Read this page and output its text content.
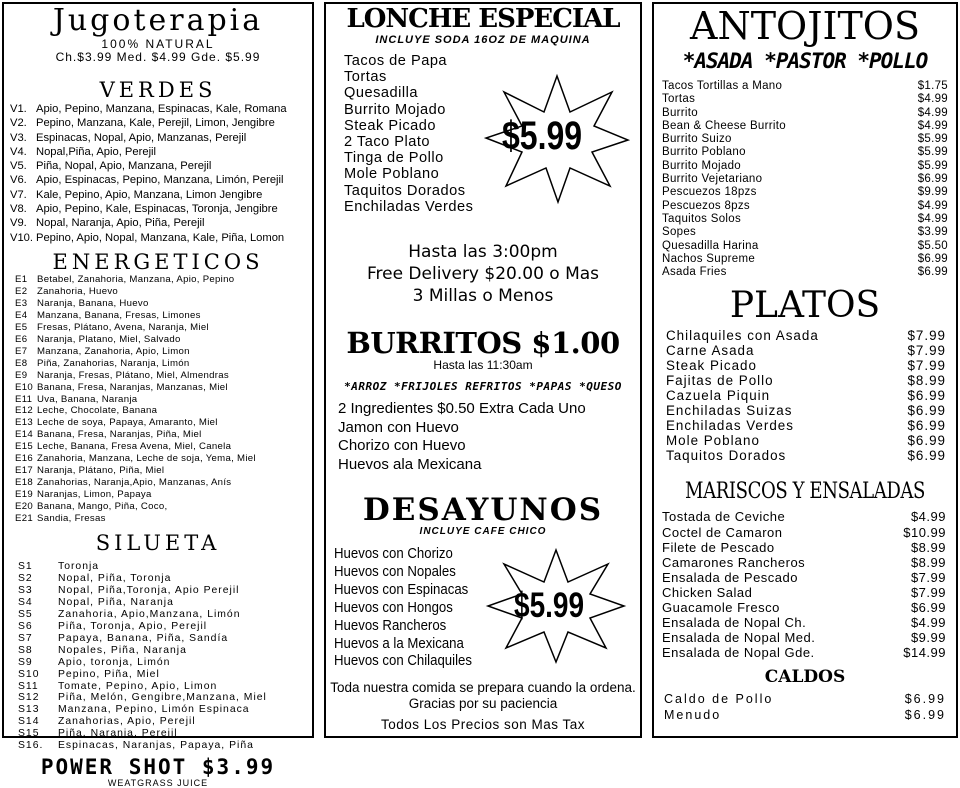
Jugoterapia
100% NATURAL
Ch.$3.99 Med. $4.99 Gde. $5.99
VERDES
V1. Apio, Pepino, Manzana, Espinacas, Kale, Romana
V2. Pepino, Manzana, Kale, Perejil, Limon, Jengibre
V3. Espinacas, Nopal, Apio, Manzanas, Perejil
V4. Nopal,Piña, Apio, Perejil
V5. Piña, Nopal, Apio, Manzana, Perejil
V6. Apio, Espinacas, Pepino, Manzana, Limón, Perejil
V7. Kale, Pepino, Apio, Manzana, Limon Jengibre
V8. Apio, Pepino, Kale, Espinacas, Toronja, Jengibre
V9. Nopal, Naranja, Apio, Piña, Perejil
V10. Pepino, Apio, Nopal, Manzana, Kale, Piña, Lomon
ENERGETICOS
E1 Betabel, Zanahoria, Manzana, Apio, Pepino
E2 Zanahoria, Huevo
E3 Naranja, Banana, Huevo
E4 Manzana, Banana, Fresas, Limones
E5 Fresas, Plátano, Avena, Naranja, Miel
E6 Naranja, Platano, Miel, Salvado
E7 Manzana, Zanahoria, Apio, Limon
E8 Piña, Zanahorias, Naranja, Limón
E9 Naranja, Fresas, Plátano, Miel, Almendras
E10 Banana, Fresa, Naranjas, Manzanas, Miel
E11 Uva, Banana, Naranja
E12 Leche, Chocolate, Banana
E13 Leche de soya, Papaya, Amaranto, Miel
E14 Banana, Fresa, Naranjas, Piña, Miel
E15 Leche, Banana, Fresa Avena, Miel, Canela
E16 Zanahoria, Manzana, Leche de soja, Yema, Miel
E17 Naranja, Plátano, Piña, Miel
E18 Zanahorias, Naranja,Apio, Manzanas, Anís
E19 Naranjas, Limon, Papaya
E20 Banana, Mango, Piña, Coco,
E21 Sandia, Fresas
SILUETA
S1 Toronja
S2 Nopal, Piña, Toronja
S3 Nopal, Piña,Toronja, Apio Perejil
S4 Nopal, Piña, Naranja
S5 Zanahoria, Apio,Manzana, Limón
S6 Piña, Toronja, Apio, Perejil
S7 Papaya, Banana, Piña, Sandía
S8 Nopales, Piña, Naranja
S9 Apio, toronja, Limón
S10 Pepino, Piña, Miel
S11 Tomate, Pepino, Apio, Limon
S12 Piña, Melón, Gengibre,Manzana, Miel
S13 Manzana, Pepino, Limón Espinaca
S14 Zanahorias, Apio, Perejil
S15 Piña, Naranja, Perejil
S16. Espinacas, Naranjas, Papaya, Piña
POWER SHOT $3.99
WEATGRASS JUICE
LONCHE ESPECIAL
INCLUYE SODA 16OZ DE MAQUINA
Tacos de Papa
Tortas
Quesadilla
Burrito Mojado
Steak Picado
2 Taco Plato
Tinga de Pollo
Mole Poblano
Taquitos Dorados
Enchiladas Verdes
$5.99
Hasta las 3:00pm
Free Delivery $20.00 o Mas
3 Millas o Menos
BURRITOS $1.00
Hasta las 11:30am
*ARROZ *FRIJOLES REFRITOS *PAPAS *QUESO
2 Ingredientes $0.50 Extra Cada Uno
Jamon con Huevo
Chorizo con Huevo
Huevos ala Mexicana
DESAYUNOS
INCLUYE CAFE CHICO
Huevos con Chorizo
Huevos con Nopales
Huevos con Espinacas
Huevos con Hongos
Huevos Rancheros
Huevos a la Mexicana
Huevos con Chilaquiles
$5.99
Toda nuestra comida se prepara cuando la ordena. Gracias por su paciencia
Todos Los Precios son Mas Tax
ANTOJITOS
*ASADA *PASTOR *POLLO
Tacos Tortillas a Mano	$1.75
Tortas	$4.99
Burrito	$4.99
Bean & Cheese Burrito	$4.99
Burrito Suizo	$5.99
Burrito Poblano	$5.99
Burrito Mojado	$5.99
Burrito Vejetariano	$6.99
Pescuezos 18pzs	$9.99
Pescuezos 8pzs	$4.99
Taquitos Solos	$4.99
Sopes	$3.99
Quesadilla Harina	$5.50
Nachos Supreme	$6.99
Asada Fries	$6.99
PLATOS
Chilaquiles con Asada	$7.99
Carne Asada	$7.99
Steak Picado	$7.99
Fajitas de Pollo	$8.99
Cazuela Piquin	$6.99
Enchiladas Suizas	$6.99
Enchiladas Verdes	$6.99
Mole Poblano	$6.99
Taquitos Dorados	$6.99
MARISCOS Y ENSALADAS
Tostada de Ceviche	$4.99
Coctel de Camaron	$10.99
Filete de Pescado	$8.99
Camarones Rancheros	$8.99
Ensalada de Pescado	$7.99
Chicken Salad	$7.99
Guacamole Fresco	$6.99
Ensalada de Nopal Ch.	$4.99
Ensalada de Nopal Med.	$9.99
Ensalada de Nopal Gde.	$14.99
CALDOS
Caldo de Pollo	$6.99
Menudo	$6.99
